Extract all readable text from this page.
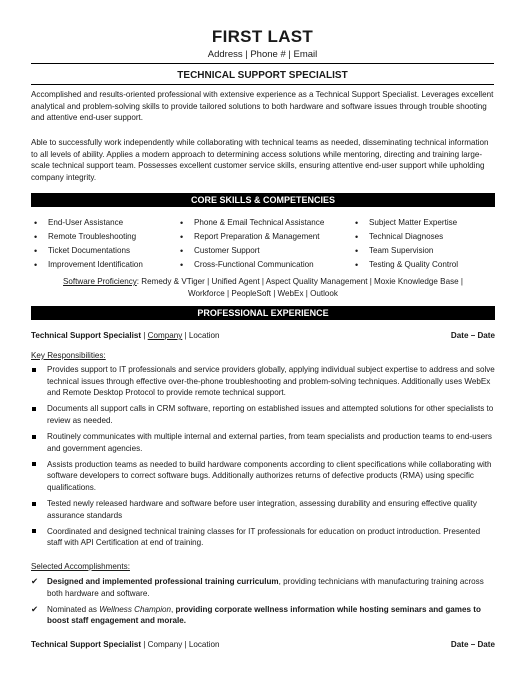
FIRST LAST
Address | Phone # | Email
TECHNICAL SUPPORT SPECIALIST

Accomplished and results-oriented professional with extensive experience as a Technical Support Specialist. Leverages excellent analytical and problem-solving skills to provide tailored solutions to both hardware and software issues through trouble shooting and attentive end-user support.

Able to successfully work independently while collaborating with technical teams as needed, disseminating technical information to all levels of ability. Applies a modern approach to determining access solutions while mentoring, directing and training large-scale technical support team. Possesses excellent customer service skills, ensuring attentive end-user support while upholding company integrity.

CORE SKILLS & COMPETENCIES
• End-User Assistance
• Remote Troubleshooting
• Ticket Documentations
• Improvement Identification
• Phone & Email Technical Assistance
• Report Preparation & Management
• Customer Support
• Cross-Functional Communication
• Subject Matter Expertise
• Technical Diagnoses
• Team Supervision
• Testing & Quality Control
Software Proficiency: Remedy & VTiger | Unified Agent | Aspect Quality Management | Moxie Knowledge Base |
Workforce | PeopleSoft | WebEx | Outlook
PROFESSIONAL EXPERIENCE
Technical Support Specialist | Company | Location	Date – Date
Key Responsibilities:
Provides support to IT professionals and service providers globally, applying individual subject expertise to address and solve technical issues through effective over-the-phone troubleshooting and problem-solving techniques. Additionally uses WebEx and Remote Desktop Protocol to provide remote technical support.
Documents all support calls in CRM software, reporting on established issues and attempted solutions for other specialists to review as needed.
Routinely communicates with multiple internal and external parties, from team specialists and production teams to end-users and government agencies.
Assists production teams as needed to build hardware components according to client specifications while collaborating with software developers to correct software bugs. Additionally authorizes returns of defective products (RMA) using specific qualifications.
Tested newly released hardware and software before user integration, assessing durability and ensuring effective quality assurance standards
Coordinated and designed technical training classes for IT professionals for education on product introduction. Presented staff with API Certification at end of training.
Selected Accomplishments:
✔ Designed and implemented professional training curriculum, providing technicians with manufacturing training across both hardware and software.
✔ Nominated as Wellness Champion, providing corporate wellness information while hosting seminars and games to boost staff engagement and morale.
Technical Support Specialist | Company | Location	Date – Date
